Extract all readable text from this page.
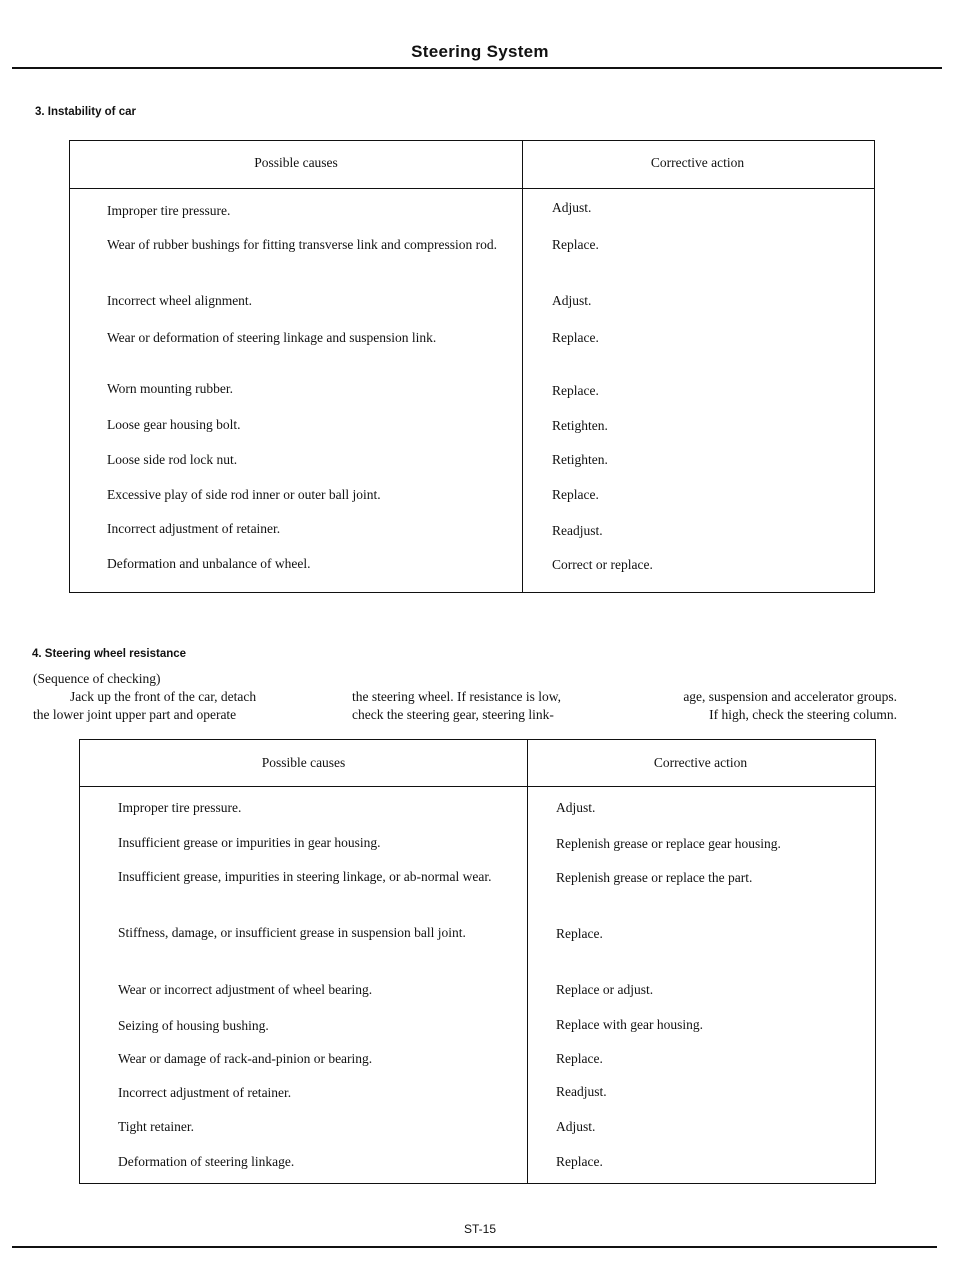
Steering System
3. Instability of car
Possible causes	Corrective action
Improper tire pressure.	Adjust.
Wear of rubber bushings for fitting transverse link and compression rod.	Replace.
Incorrect wheel alignment.	Adjust.
Wear or deformation of steering linkage and suspension link.	Replace.
Worn mounting rubber.	Replace.
Loose gear housing bolt.	Retighten.
Loose side rod lock nut.	Retighten.
Excessive play of side rod inner or outer ball joint.	Replace.
Incorrect adjustment of retainer.	Readjust.
Deformation and unbalance of wheel.	Correct or replace.
4. Steering wheel resistance
(Sequence of checking)
Jack up the front of the car, detach
the lower joint upper part and operate
the steering wheel. If resistance is low,
check the steering gear, steering link-
age, suspension and accelerator groups.
If high, check the steering column.
Possible causes	Corrective action
Improper tire pressure.	Adjust.
Insufficient grease or impurities in gear housing.	Replenish grease or replace gear housing.
Insufficient grease, impurities in steering linkage, or ab-normal wear.	Replenish grease or replace the part.
Stiffness, damage, or insufficient grease in suspension ball joint.	Replace.
Wear or incorrect adjustment of wheel bearing.	Replace or adjust.
Seizing of housing bushing.	Replace with gear housing.
Wear or damage of rack-and-pinion or bearing.	Replace.
Incorrect adjustment of retainer.	Readjust.
Tight retainer.	Adjust.
Deformation of steering linkage.	Replace.
ST-15
